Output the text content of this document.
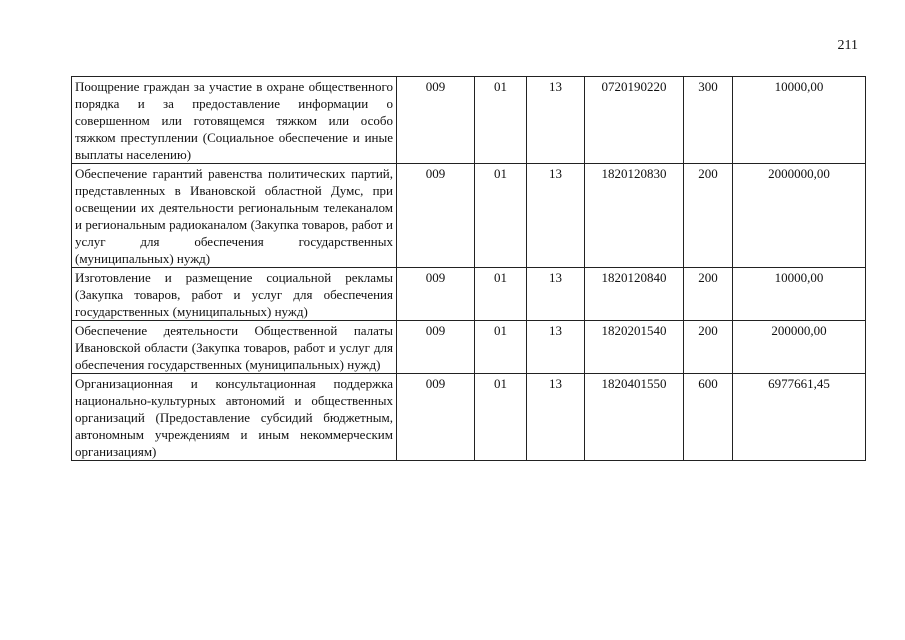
211
Поощрение граждан за участие в охране общественного порядка и за предоставление информации о совершенном или готовящемся тяжком или особо тяжком преступлении (Социальное обеспечение и иные выплаты населению)	009	01	13	0720190220	300	10000,00
Обеспечение гарантий равенства политических партий, представленных в Ивановской областной Думс, при освещении их деятельности региональным телеканалом и региональным радиоканалом (Закупка товаров, работ и услуг для обеспечения государственных (муниципальных) нужд)	009	01	13	1820120830	200	2000000,00
Изготовление и размещение социальной рекламы (Закупка товаров, работ и услуг для обеспечения государственных (муниципальных) нужд)	009	01	13	1820120840	200	10000,00
Обеспечение деятельности Общественной палаты Ивановской области (Закупка товаров, работ и услуг для обеспечения государственных (муниципальных) нужд)	009	01	13	1820201540	200	200000,00
Организационная и консультационная поддержка национально-культурных автономий и общественных организаций (Предоставление субсидий бюджетным, автономным учреждениям и иным некоммерческим организациям)	009	01	13	1820401550	600	6977661,45
